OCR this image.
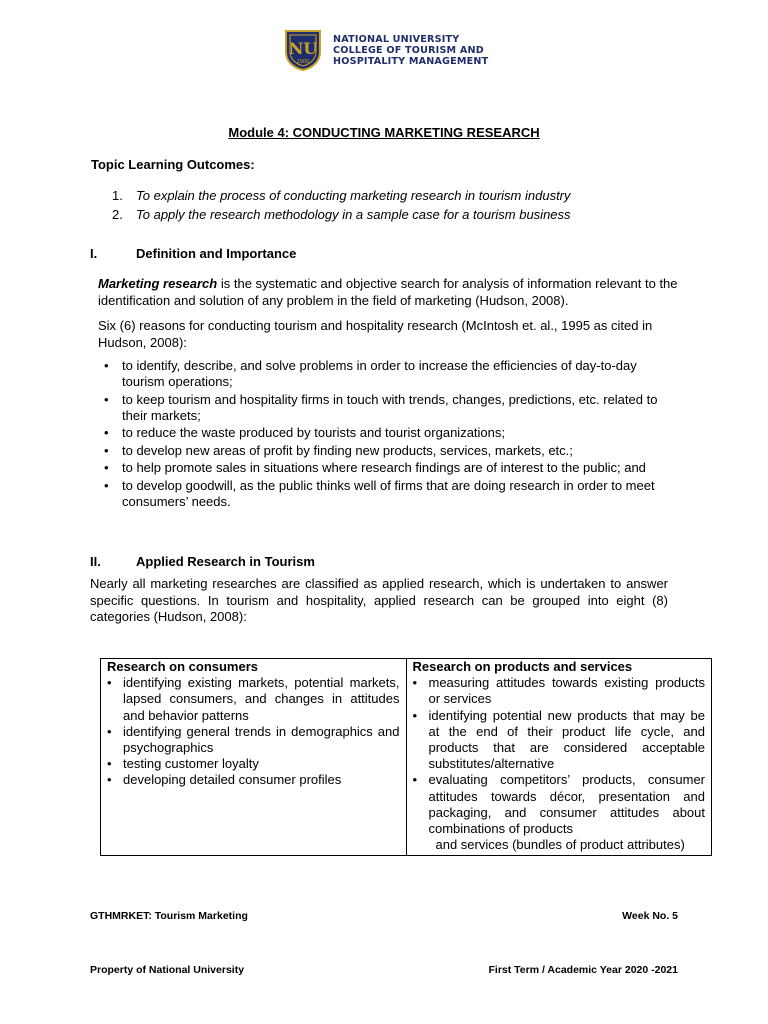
NU
1900
NATIONAL UNIVERSITY
COLLEGE OF TOURISM AND
HOSPITALITY MANAGEMENT
Module 4: CONDUCTING MARKETING RESEARCH
Topic Learning Outcomes:
1. To explain the process of conducting marketing research in tourism industry
2. To apply the research methodology in a sample case for a tourism business
I.	Definition and Importance
Marketing research is the systematic and objective search for analysis of information relevant to the identification and solution of any problem in the field of marketing (Hudson, 2008).
Six (6) reasons for conducting tourism and hospitality research (McIntosh et. al., 1995 as cited in Hudson, 2008):
• to identify, describe, and solve problems in order to increase the efficiencies of day-to-day tourism operations;
• to keep tourism and hospitality firms in touch with trends, changes, predictions, etc. related to their markets;
• to reduce the waste produced by tourists and tourist organizations;
• to develop new areas of profit by finding new products, services, markets, etc.;
• to help promote sales in situations where research findings are of interest to the public; and
• to develop goodwill, as the public thinks well of firms that are doing research in order to meet consumers’ needs.
II.	Applied Research in Tourism
Nearly all marketing researches are classified as applied research, which is undertaken to answer specific questions. In tourism and hospitality, applied research can be grouped into eight (8) categories (Hudson, 2008):
Research on consumers
• identifying existing markets, potential markets, lapsed consumers, and changes in attitudes and behavior patterns
• identifying general trends in demographics and psychographics
• testing customer loyalty
• developing detailed consumer profiles

Research on products and services
• measuring attitudes towards existing products or services
• identifying potential new products that may be at the end of their product life cycle, and products that are considered acceptable substitutes/alternative
• evaluating competitors’ products, consumer attitudes towards décor, presentation and packaging, and consumer attitudes about combinations of products
and services (bundles of product attributes)
GTHMRKET: Tourism Marketing	Week No. 5
Property of National University	First Term / Academic Year 2020 -2021
